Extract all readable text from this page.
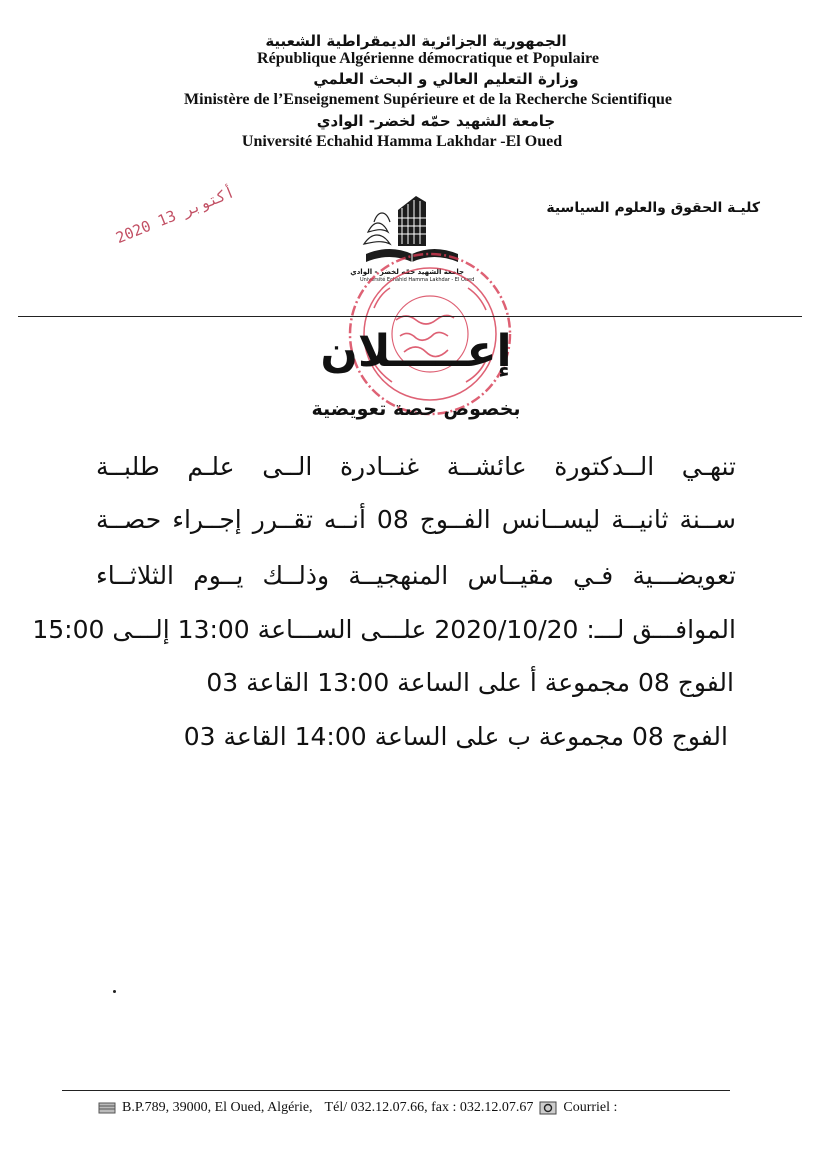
الجمهورية الجزائرية الديمقراطية الشعبية
République Algérienne démocratique et Populaire
وزارة التعليم العالي و البحث العلمي
Ministère de l’Enseignement Supérieure et de la Recherche Scientifique
جامعة الشهيد حمّه لخضر- الوادي
Université Echahid Hamma Lakhdar -El Oued
كليـة الحقوق والعلوم السياسية
2020 13 أكتوبر
جامعة الشهيد حمّه لخضر - الوادي
Université Echahid Hamma Lakhdar - El Oued
إعـــــلان
بخصوص حصة تعويضية
تنهـي الــدكتورة عائشــة غنــادرة الــى علـم طلبــة
ســنة ثانيــة ليســانس الفــوج 08 أنــه تقــرر إجــراء حصــة
تعويضـــية فـي مقيــاس المنهجيــة وذلــك يــوم الثلاثــاء
الموافـــق لـــ: 2020/10/20 علـــى الســـاعة 13:00 إلـــى 15:00
الفوج 08 مجموعة أ على الساعة 13:00 القاعة 03
الفوج 08 مجموعة ب على الساعة 14:00 القاعة 03
B.P.789, 39000, El Oued, Algérie, Tél/ 032.12.07.66, fax : 032.12.07.67 Courriel :
